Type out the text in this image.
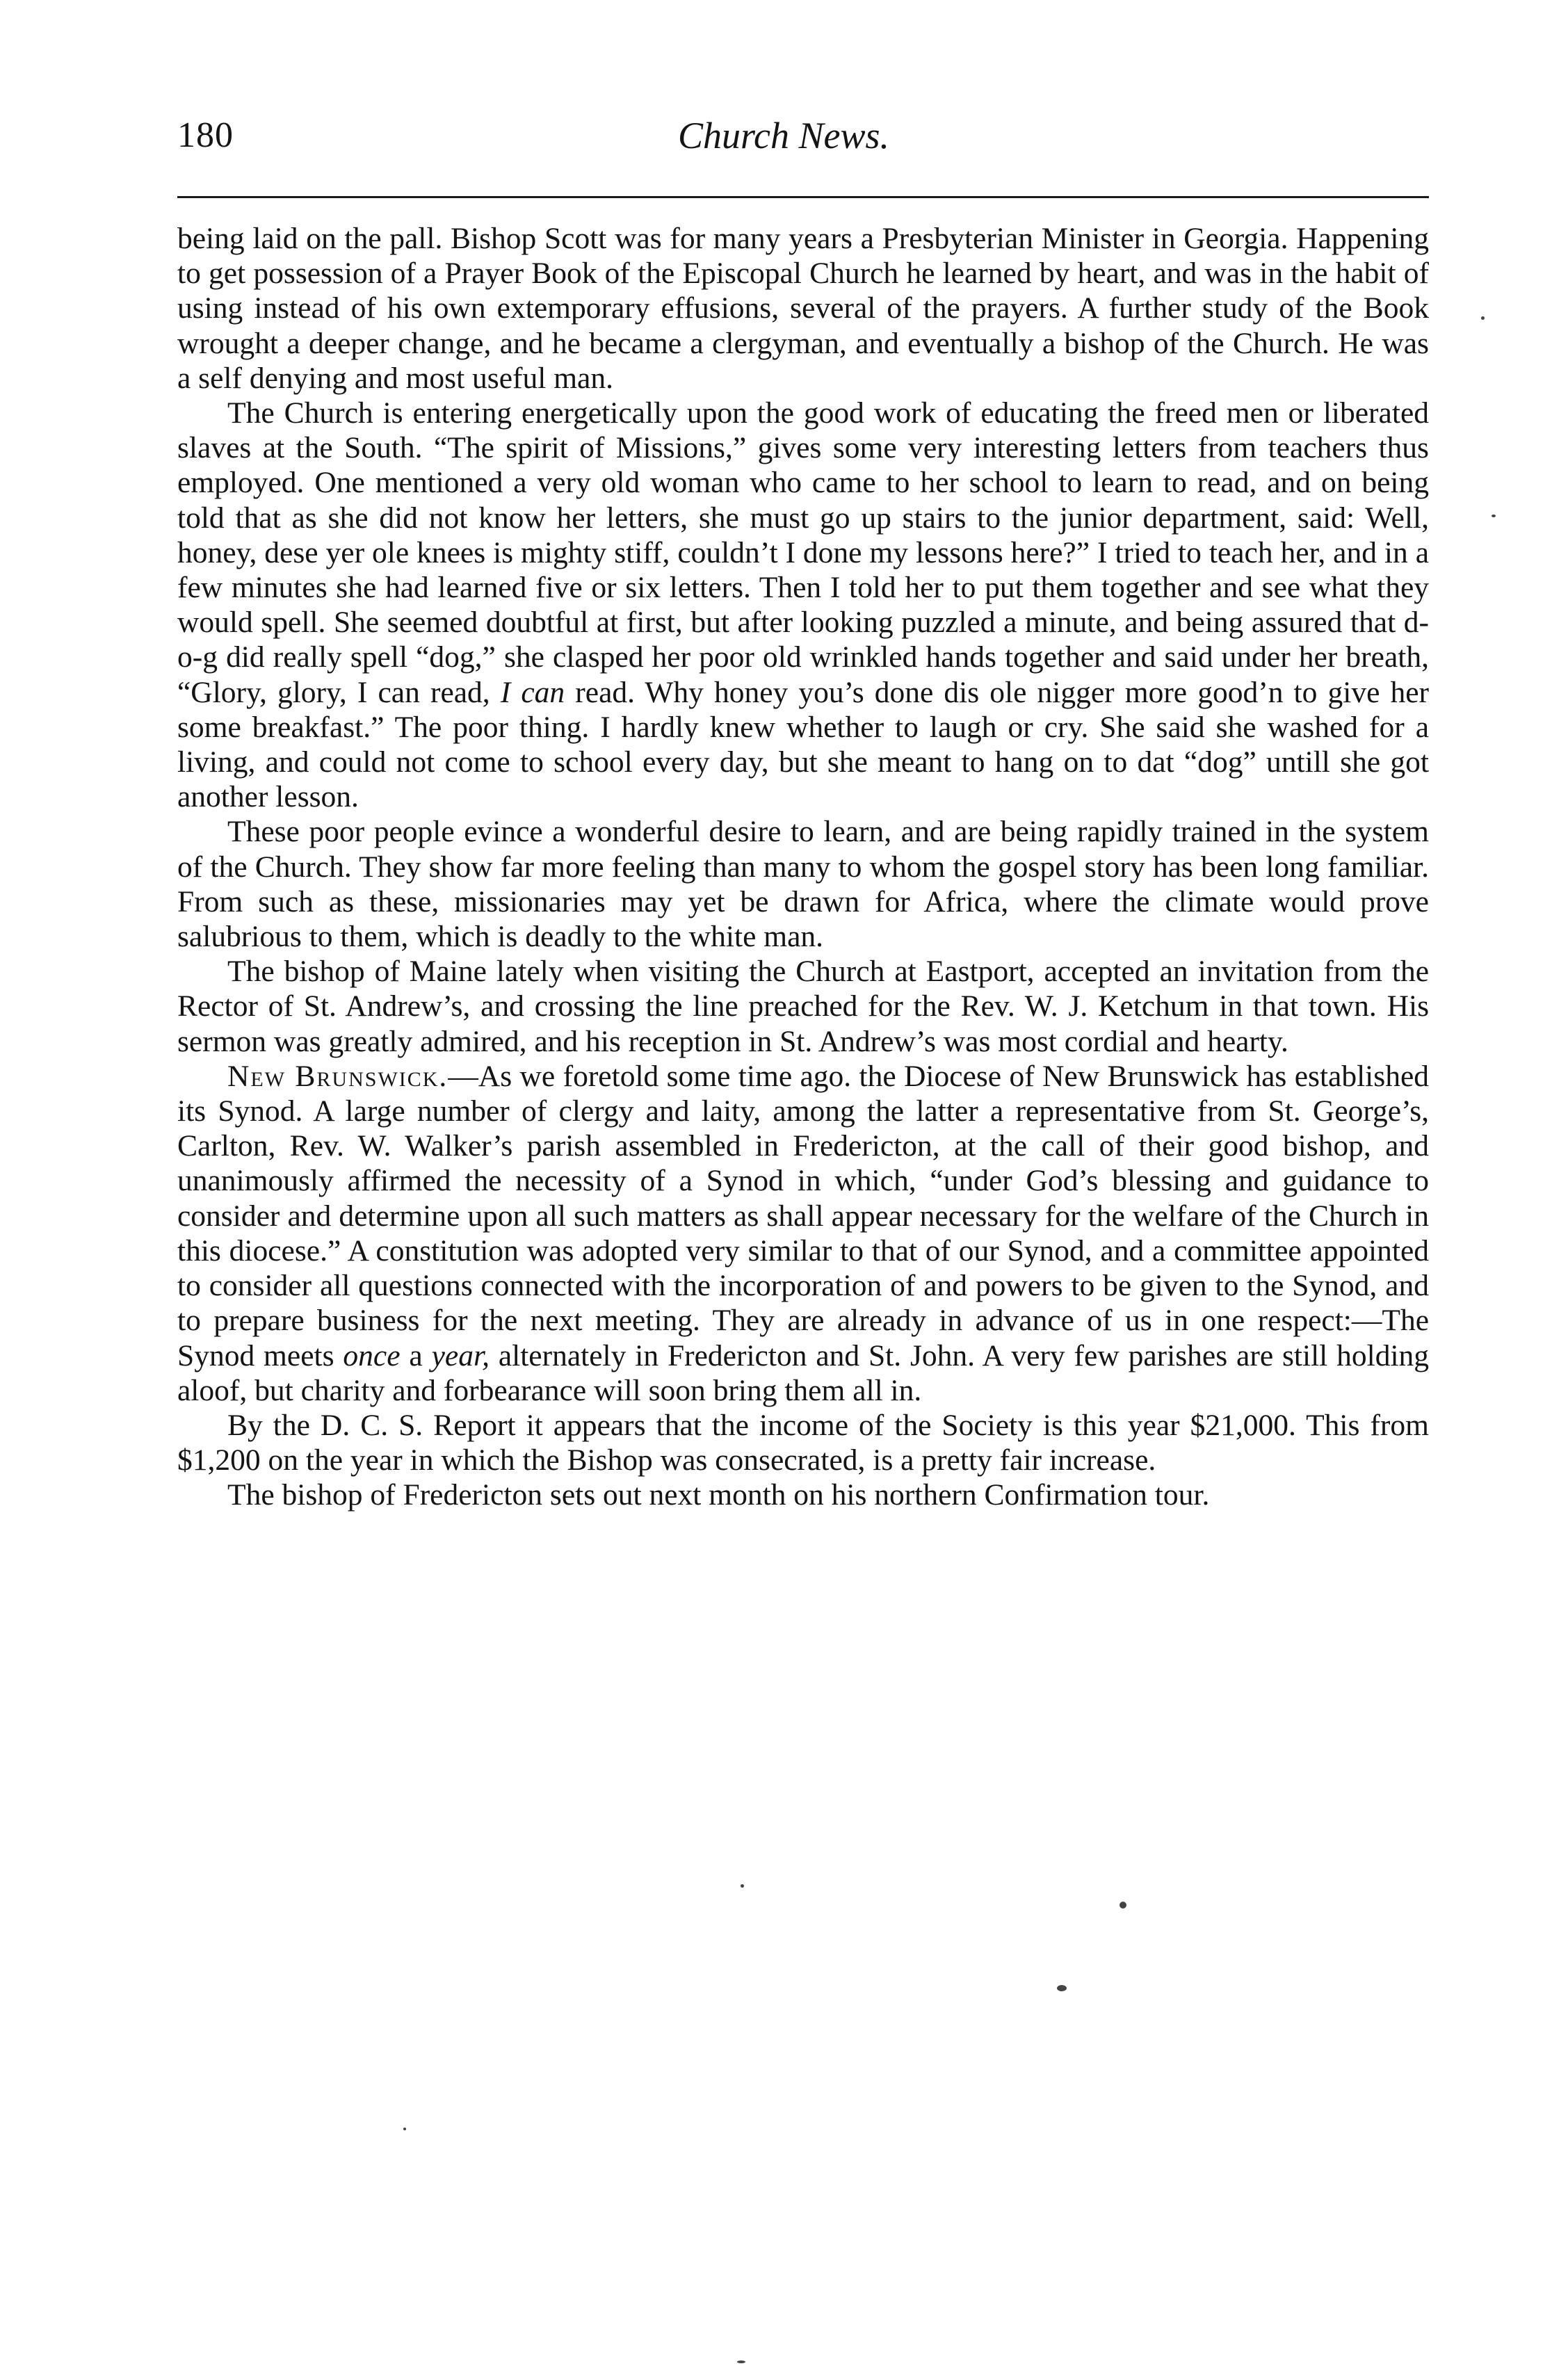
180	Church News.

being laid on the pall. Bishop Scott was for many years a Presbyterian Minister in Georgia. Happening to get possession of a Prayer Book of the Episcopal Church he learned by heart, and was in the habit of using instead of his own extemporary effusions, several of the prayers. A further study of the Book wrought a deeper change, and he became a clergyman, and eventually a bishop of the Church. He was a self denying and most useful man.

The Church is entering energetically upon the good work of educating the freed men or liberated slaves at the South. “The spirit of Missions,” gives some very interesting letters from teachers thus employed. One mentioned a very old woman who came to her school to learn to read, and on being told that as she did not know her letters, she must go up stairs to the junior department, said: Well, honey, dese yer ole knees is mighty stiff, couldn’t I done my lessons here?” I tried to teach her, and in a few minutes she had learned five or six letters. Then I told her to put them together and see what they would spell. She seemed doubtful at first, but after looking puzzled a minute, and being assured that d-o-g did really spell “dog,” she clasped her poor old wrinkled hands together and said under her breath, “Glory, glory, I can read, I can read. Why honey you’s done dis ole nigger more good’n to give her some breakfast.” The poor thing. I hardly knew whether to laugh or cry. She said she washed for a living, and could not come to school every day, but she meant to hang on to dat “dog” untill she got another lesson.

These poor people evince a wonderful desire to learn, and are being rapidly trained in the system of the Church. They show far more feeling than many to whom the gospel story has been long familiar. From such as these, missionaries may yet be drawn for Africa, where the climate would prove salubrious to them, which is deadly to the white man.

The bishop of Maine lately when visiting the Church at Eastport, accepted an invitation from the Rector of St. Andrew’s, and crossing the line preached for the Rev. W. J. Ketchum in that town. His sermon was greatly admired, and his reception in St. Andrew’s was most cordial and hearty.

New Brunswick.—As we foretold some time ago. the Diocese of New Brunswick has established its Synod. A large number of clergy and laity, among the latter a representative from St. George’s, Carlton, Rev. W. Walker’s parish assembled in Fredericton, at the call of their good bishop, and unanimously affirmed the necessity of a Synod in which, “under God’s blessing and guidance to consider and determine upon all such matters as shall appear necessary for the welfare of the Church in this diocese.” A constitution was adopted very similar to that of our Synod, and a committee appointed to consider all questions connected with the incorporation of and powers to be given to the Synod, and to prepare business for the next meeting. They are already in advance of us in one respect:—The Synod meets once a year, alternately in Fredericton and St. John. A very few parishes are still holding aloof, but charity and forbearance will soon bring them all in.

By the D. C. S. Report it appears that the income of the Society is this year $21,000. This from $1,200 on the year in which the Bishop was consecrated, is a pretty fair increase.

The bishop of Fredericton sets out next month on his northern Confirmation tour.
